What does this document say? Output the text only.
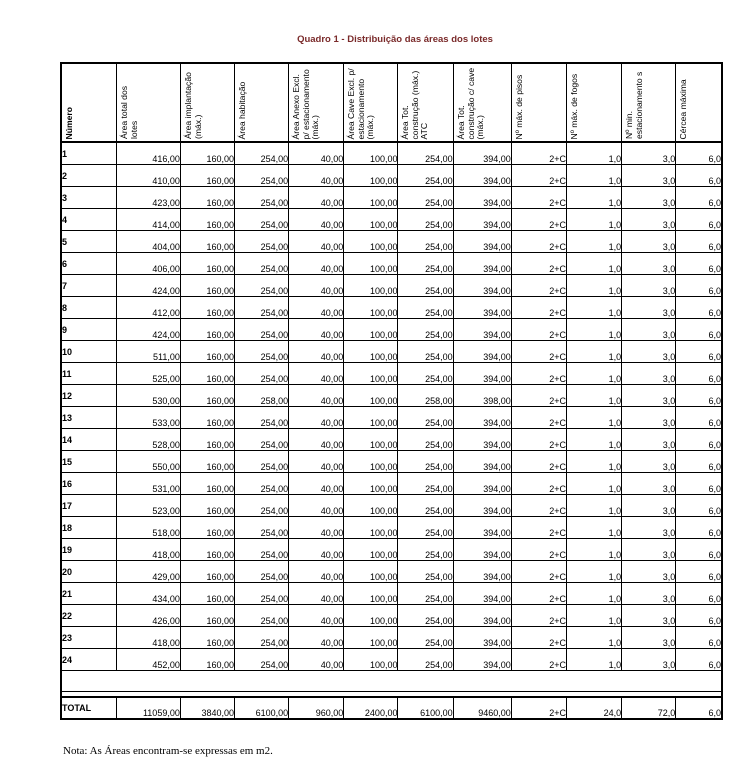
Quadro 1 - Distribuição das áreas dos lotes
Número	Área total dos lotes	Área implantação (máx.)	Área habitação	Área Anexo Excl. p/ estacionamento (máx.)	Área Cave Excl. p/ estacionamento (máx.)	Área Tot. construção (máx.) ATC	Área Tot. construção c/ cave (máx.)	Nº máx. de pisos	Nº máx. de fogos	Nº min. estacionamento s	Cércea máxima

1	416,00	160,00	254,00	40,00	100,00	254,00	394,00	2+C	1,0	3,0	6,0
2	410,00	160,00	254,00	40,00	100,00	254,00	394,00	2+C	1,0	3,0	6,0
3	423,00	160,00	254,00	40,00	100,00	254,00	394,00	2+C	1,0	3,0	6,0
4	414,00	160,00	254,00	40,00	100,00	254,00	394,00	2+C	1,0	3,0	6,0
5	404,00	160,00	254,00	40,00	100,00	254,00	394,00	2+C	1,0	3,0	6,0
6	406,00	160,00	254,00	40,00	100,00	254,00	394,00	2+C	1,0	3,0	6,0
7	424,00	160,00	254,00	40,00	100,00	254,00	394,00	2+C	1,0	3,0	6,0
8	412,00	160,00	254,00	40,00	100,00	254,00	394,00	2+C	1,0	3,0	6,0
9	424,00	160,00	254,00	40,00	100,00	254,00	394,00	2+C	1,0	3,0	6,0
10	511,00	160,00	254,00	40,00	100,00	254,00	394,00	2+C	1,0	3,0	6,0
11	525,00	160,00	254,00	40,00	100,00	254,00	394,00	2+C	1,0	3,0	6,0
12	530,00	160,00	258,00	40,00	100,00	258,00	398,00	2+C	1,0	3,0	6,0
13	533,00	160,00	254,00	40,00	100,00	254,00	394,00	2+C	1,0	3,0	6,0
14	528,00	160,00	254,00	40,00	100,00	254,00	394,00	2+C	1,0	3,0	6,0
15	550,00	160,00	254,00	40,00	100,00	254,00	394,00	2+C	1,0	3,0	6,0
16	531,00	160,00	254,00	40,00	100,00	254,00	394,00	2+C	1,0	3,0	6,0
17	523,00	160,00	254,00	40,00	100,00	254,00	394,00	2+C	1,0	3,0	6,0
18	518,00	160,00	254,00	40,00	100,00	254,00	394,00	2+C	1,0	3,0	6,0
19	418,00	160,00	254,00	40,00	100,00	254,00	394,00	2+C	1,0	3,0	6,0
20	429,00	160,00	254,00	40,00	100,00	254,00	394,00	2+C	1,0	3,0	6,0
21	434,00	160,00	254,00	40,00	100,00	254,00	394,00	2+C	1,0	3,0	6,0
22	426,00	160,00	254,00	40,00	100,00	254,00	394,00	2+C	1,0	3,0	6,0
23	418,00	160,00	254,00	40,00	100,00	254,00	394,00	2+C	1,0	3,0	6,0
24	452,00	160,00	254,00	40,00	100,00	254,00	394,00	2+C	1,0	3,0	6,0

TOTAL	11059,00	3840,00	6100,00	960,00	2400,00	6100,00	9460,00	2+C	24,0	72,0	6,0
Nota: As Áreas encontram-se expressas em m2.
